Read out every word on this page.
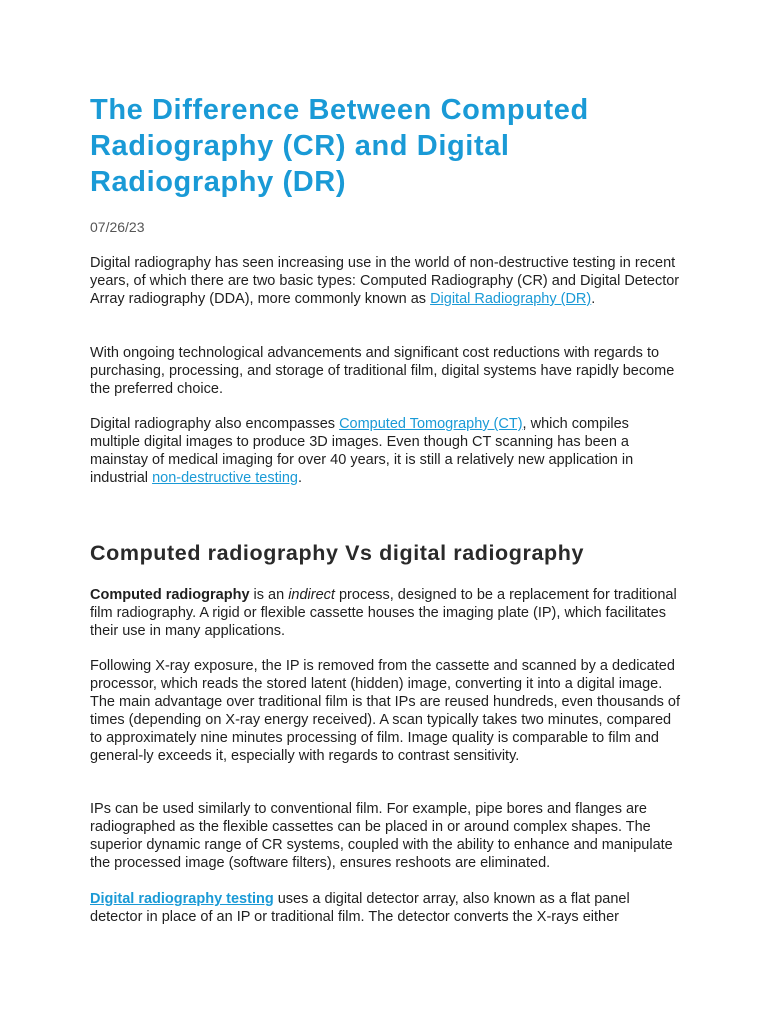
The Difference Between Computed Radiography (CR) and Digital Radiography (DR)
07/26/23

Digital radiography has seen increasing use in the world of non-destructive testing in recent years, of which there are two basic types: Computed Radiography (CR) and Digital Detector Array radiography (DDA), more commonly known as Digital Radiography (DR).

With ongoing technological advancements and significant cost reductions with regards to purchasing, processing, and storage of traditional film, digital systems have rapidly become the preferred choice.

Digital radiography also encompasses Computed Tomography (CT), which compiles multiple digital images to produce 3D images. Even though CT scanning has been a mainstay of medical imaging for over 40 years, it is still a relatively new application in industrial non-destructive testing.

Computed radiography Vs digital radiography

Computed radiography is an indirect process, designed to be a replacement for traditional film radiography. A rigid or flexible cassette houses the imaging plate (IP), which facilitates their use in many applications.

Following X-ray exposure, the IP is removed from the cassette and scanned by a dedicated processor, which reads the stored latent (hidden) image, converting it into a digital image. The main advantage over traditional film is that IPs are reused hundreds, even thousands of times (depending on X-ray energy received). A scan typically takes two minutes, compared to approximately nine minutes processing of film. Image quality is comparable to film and general-ly exceeds it, especially with regards to contrast sensitivity.

IPs can be used similarly to conventional film. For example, pipe bores and flanges are radiographed as the flexible cassettes can be placed in or around complex shapes. The superior dynamic range of CR systems, coupled with the ability to enhance and manipulate the processed image (software filters), ensures reshoots are eliminated.

Digital radiography testing uses a digital detector array, also known as a flat panel detector in place of an IP or traditional film. The detector converts the X-rays either
